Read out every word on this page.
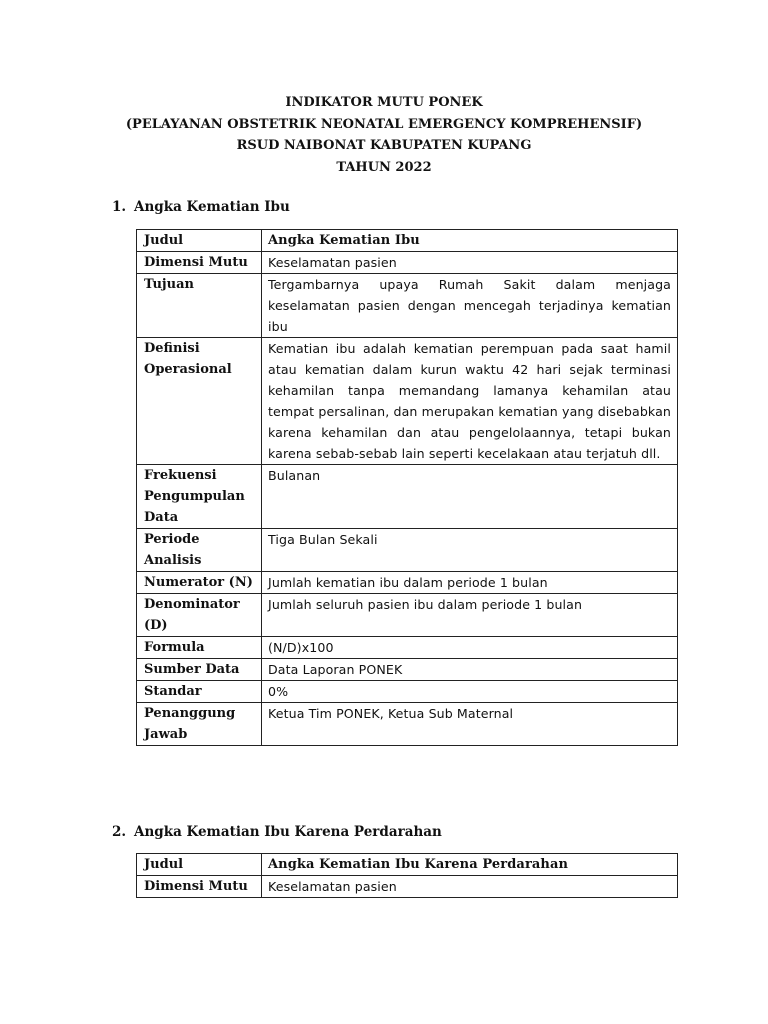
INDIKATOR MUTU PONEK
(PELAYANAN OBSTETRIK NEONATAL EMERGENCY KOMPREHENSIF)
RSUD NAIBONAT KABUPATEN KUPANG
TAHUN 2022
1. Angka Kematian Ibu
Judul	Angka Kematian Ibu
Dimensi Mutu	Keselamatan pasien
Tujuan	Tergambarnya upaya Rumah Sakit dalam menjaga keselamatan pasien dengan mencegah terjadinya kematian ibu
Definisi Operasional	Kematian ibu adalah kematian perempuan pada saat hamil atau kematian dalam kurun waktu 42 hari sejak terminasi kehamilan tanpa memandang lamanya kehamilan atau tempat persalinan, dan merupakan kematian yang disebabkan karena kehamilan dan atau pengelolaannya, tetapi bukan karena sebab-sebab lain seperti kecelakaan atau terjatuh dll.
Frekuensi Pengumpulan Data	Bulanan
Periode Analisis	Tiga Bulan Sekali
Numerator (N)	Jumlah kematian ibu dalam periode 1 bulan
Denominator (D)	Jumlah seluruh pasien ibu dalam periode 1 bulan
Formula	(N/D)x100
Sumber Data	Data Laporan PONEK
Standar	0%
Penanggung Jawab	Ketua Tim PONEK, Ketua Sub Maternal
2. Angka Kematian Ibu Karena Perdarahan
Judul	Angka Kematian Ibu Karena Perdarahan
Dimensi Mutu	Keselamatan pasien
